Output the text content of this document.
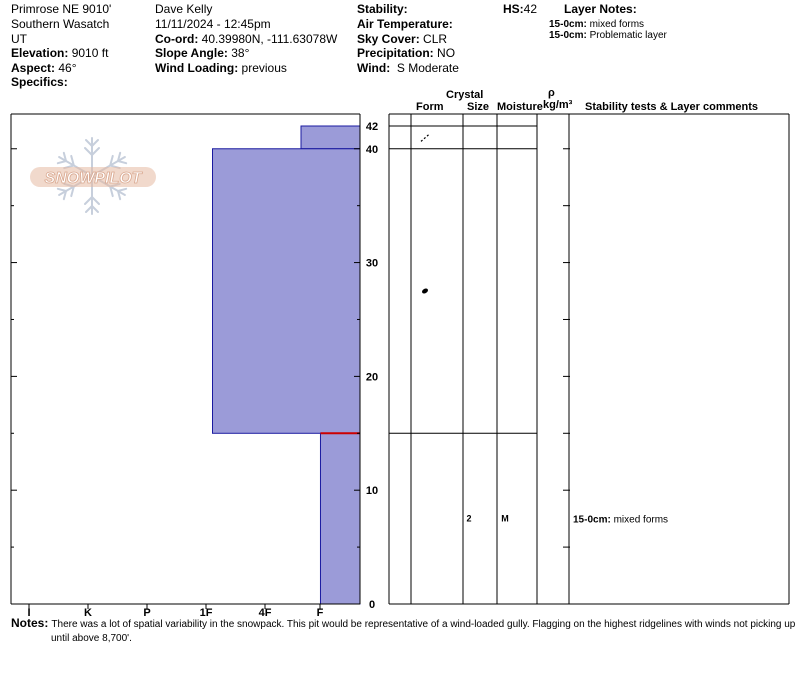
Primrose NE 9010'
Southern Wasatch
UT
Elevation: 9010 ft
Aspect: 46°
Specifics:
Dave Kelly
11/11/2024 - 12:45pm
Co-ord: 40.39980N, -111.63078W
Slope Angle: 38°
Wind Loading: previous
Stability:
Air Temperature:
Sky Cover: CLR
Precipitation: NO
Wind: S Moderate
HS:42 Layer Notes:
15-0cm: mixed forms
15-0cm: Problematic layer
Crystal
Form Size Moisture
ρ
kg/m³ Stability tests & Layer comments
SNOWPILOT
I	K	P	1F	4F	F
0
10
20
30
40
42
2	M	15-0cm: mixed forms
Notes: There was a lot of spatial variability in the snowpack. This pit would be representative of a wind-loaded gully. Flagging on the highest ridgelines with winds not picking up
until above 8,700'.
